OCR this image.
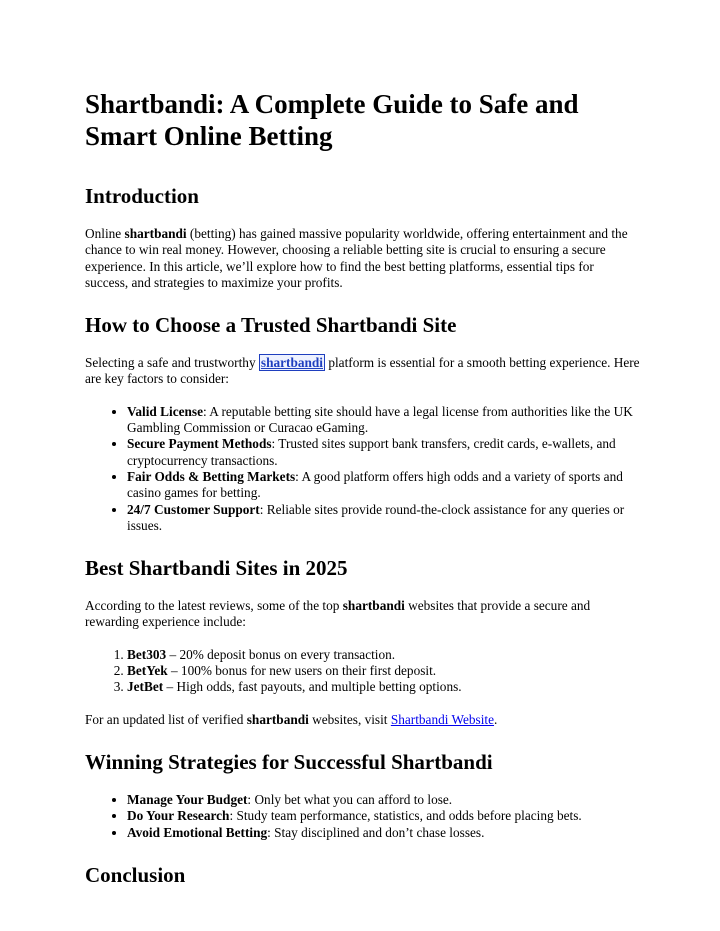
Shartbandi: A Complete Guide to Safe and Smart Online Betting
Introduction

Online shartbandi (betting) has gained massive popularity worldwide, offering entertainment and the chance to win real money. However, choosing a reliable betting site is crucial to ensuring a secure experience. In this article, we’ll explore how to find the best betting platforms, essential tips for success, and strategies to maximize your profits.

How to Choose a Trusted Shartbandi Site

Selecting a safe and trustworthy shartbandi platform is essential for a smooth betting experience. Here are key factors to consider:

• Valid License: A reputable betting site should have a legal license from authorities like the UK Gambling Commission or Curacao eGaming.
• Secure Payment Methods: Trusted sites support bank transfers, credit cards, e-wallets, and cryptocurrency transactions.
• Fair Odds & Betting Markets: A good platform offers high odds and a variety of sports and casino games for betting.
• 24/7 Customer Support: Reliable sites provide round-the-clock assistance for any queries or issues.
Best Shartbandi Sites in 2025

According to the latest reviews, some of the top shartbandi websites that provide a secure and rewarding experience include:

1. Bet303 – 20% deposit bonus on every transaction.
2. BetYek – 100% bonus for new users on their first deposit.
3. JetBet – High odds, fast payouts, and multiple betting options.

For an updated list of verified shartbandi websites, visit Shartbandi Website.

Winning Strategies for Successful Shartbandi
• Manage Your Budget: Only bet what you can afford to lose.
• Do Your Research: Study team performance, statistics, and odds before placing bets.
• Avoid Emotional Betting: Stay disciplined and don’t chase losses.
Conclusion
